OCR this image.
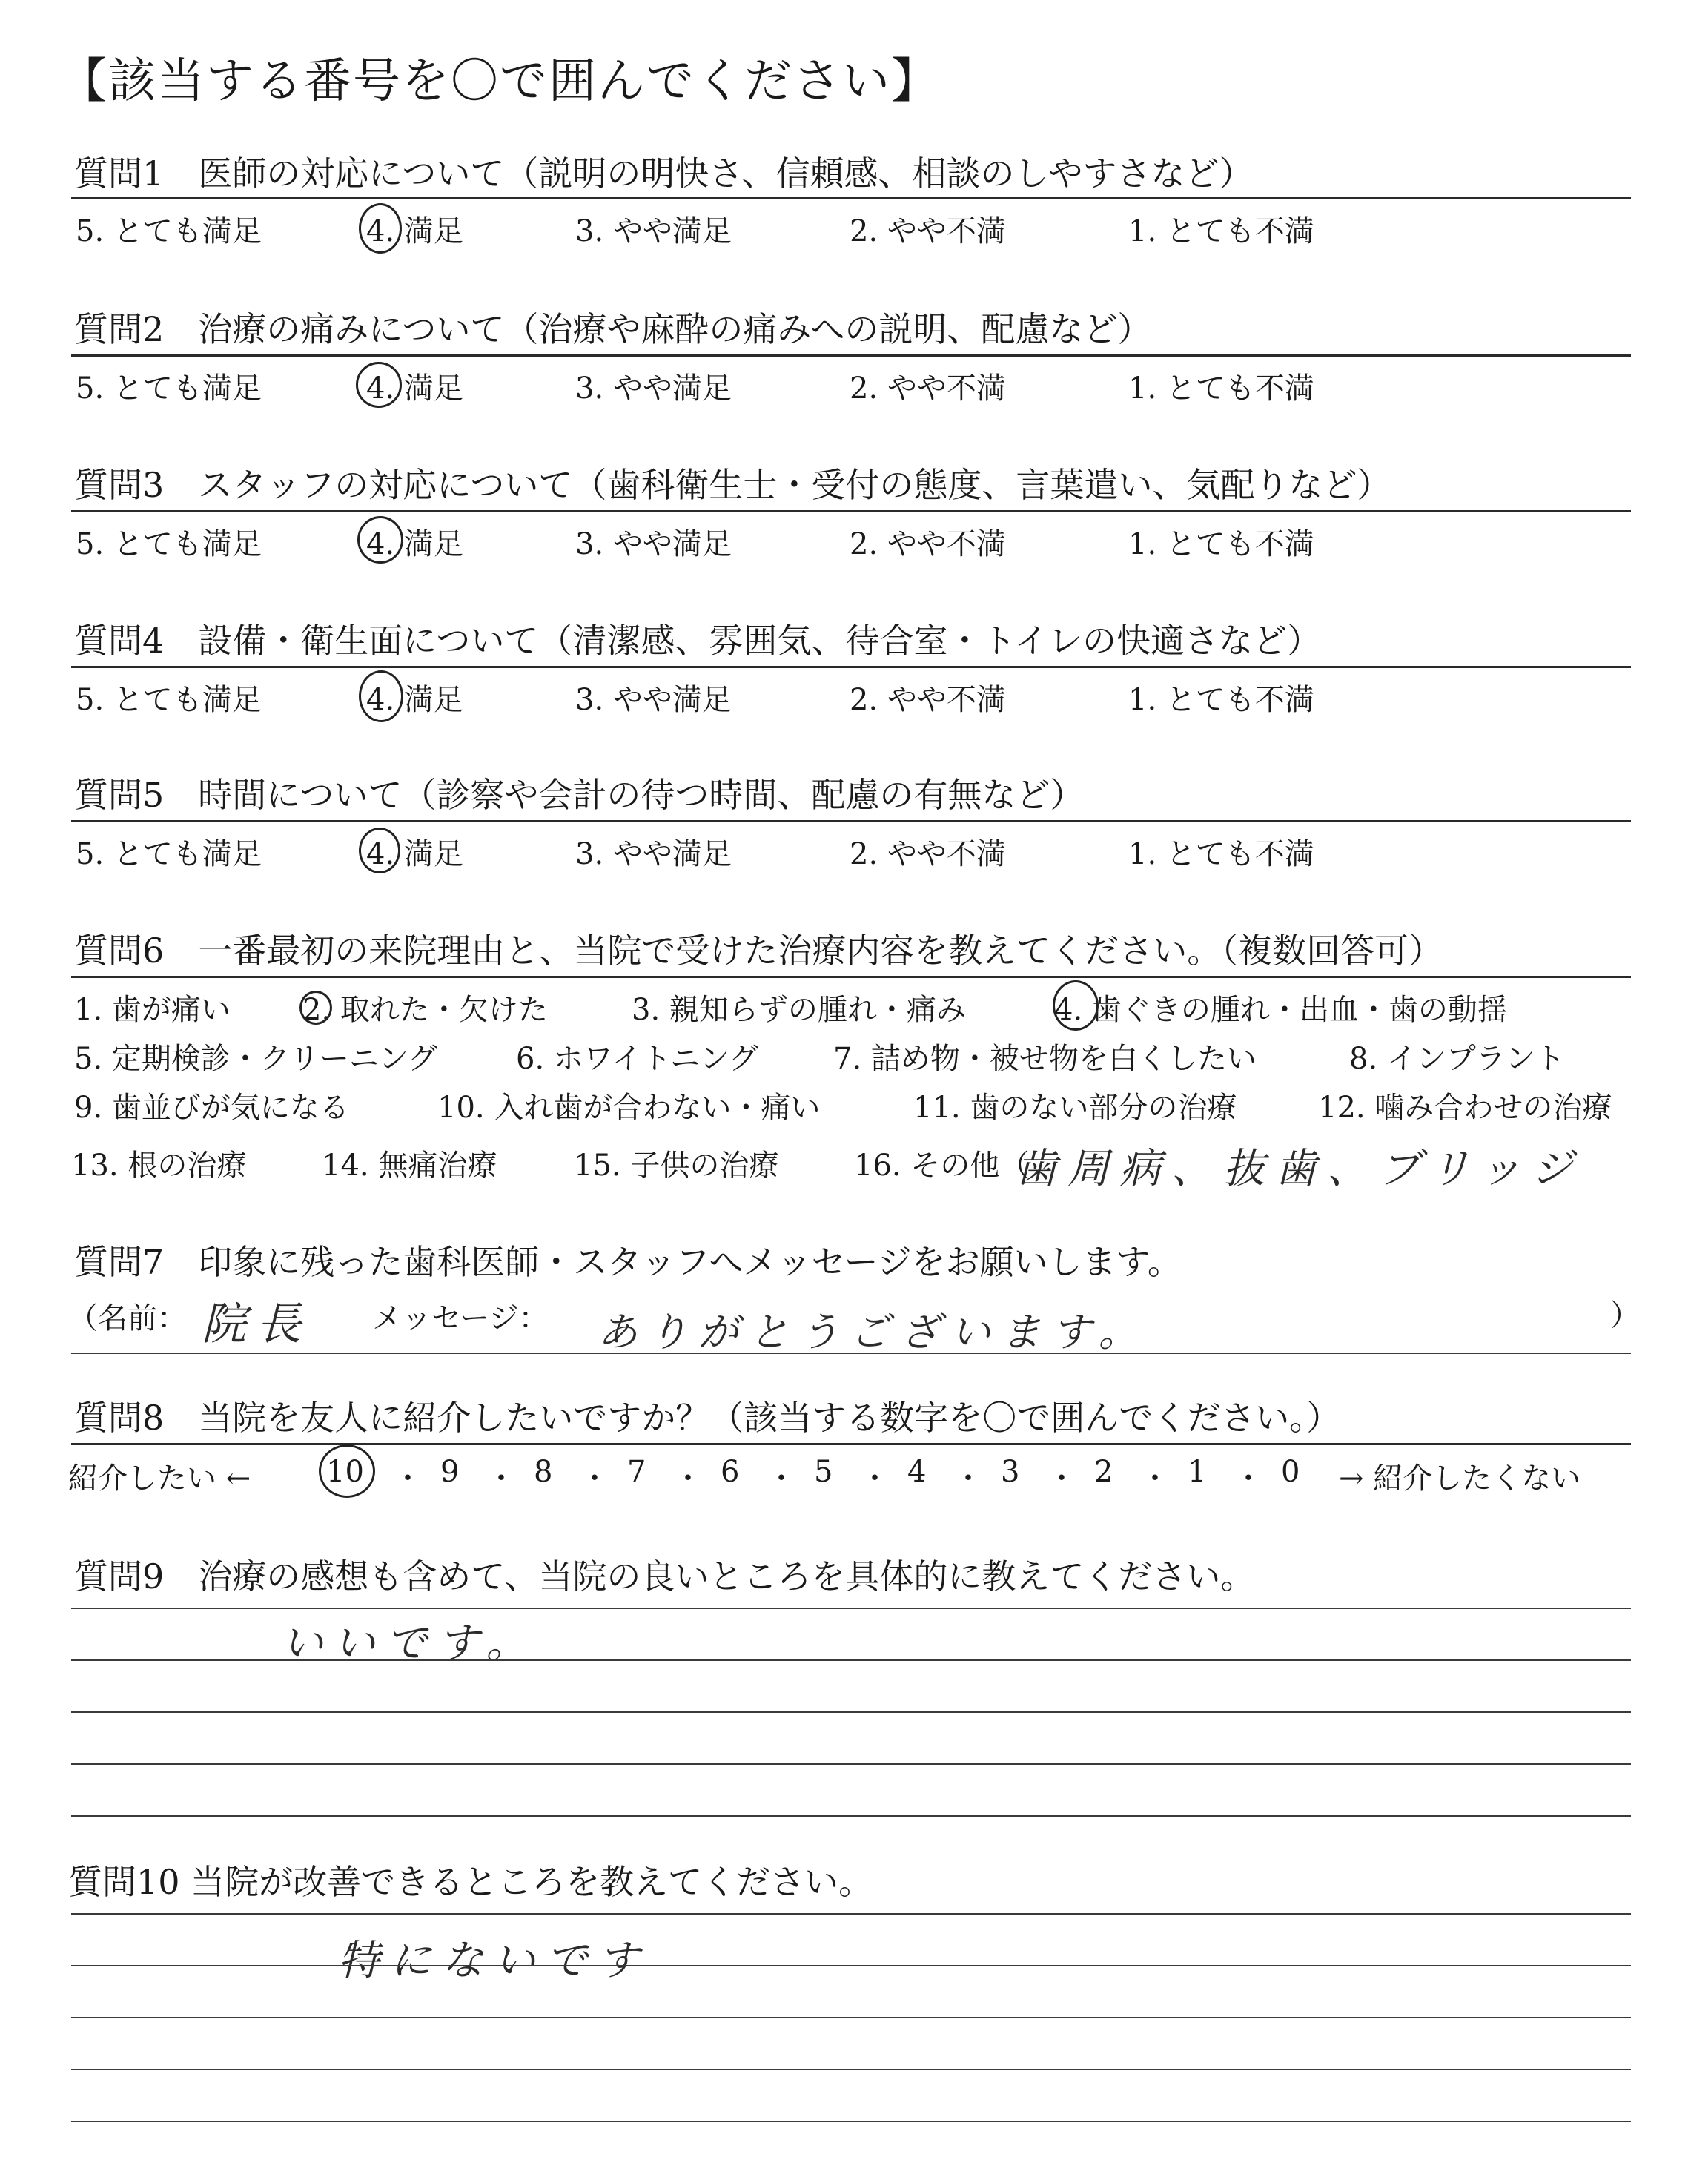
【該当する番号を〇で囲んでください】
質問1　医師の対応について（説明の明快さ、信頼感、相談のしやすさなど）
5. とても満足	4. 満足	3. やや満足	2. やや不満	1. とても不満
質問2　治療の痛みについて（治療や麻酔の痛みへの説明、配慮など）
5. とても満足	4. 満足	3. やや満足	2. やや不満	1. とても不満
質問3　スタッフの対応について（歯科衛生士・受付の態度、言葉遣い、気配りなど）
5. とても満足	4. 満足	3. やや満足	2. やや不満	1. とても不満
質問4　設備・衛生面について（清潔感、雰囲気、待合室・トイレの快適さなど）
5. とても満足	4. 満足	3. やや満足	2. やや不満	1. とても不満
質問5　時間について（診察や会計の待つ時間、配慮の有無など）
5. とても満足	4. 満足	3. やや満足	2. やや不満	1. とても不満
質問6　一番最初の来院理由と、当院で受けた治療内容を教えてください。（複数回答可）
1. 歯が痛い 2. 取れた・欠けた	3. 親知らずの腫れ・痛み	4. 歯ぐきの腫れ・出血・歯の動揺
5. 定期検診・クリーニング	6. ホワイトニング	7. 詰め物・被せ物を白くしたい	8. インプラント
9. 歯並びが気になる	10. 入れ歯が合わない・痛い	11. 歯のない部分の治療	12. 噛み合わせの治療
13. 根の治療	14. 無痛治療	15. 子供の治療	16. その他（
歯周病、抜歯、ブリッジ
質問7　印象に残った歯科医師・スタッフへメッセージをお願いします。
（名前： 院長 メッセージ： ありがとうございます。	）
質問8　当院を友人に紹介したいですか？（該当する数字を〇で囲んでください。）
紹介したい ←	10 ・ 9 ・ 8 ・ 7 ・ 6 ・ 5 ・ 4 ・ 3 ・ 2 ・ 1 ・ 0 → 紹介したくない
質問9　治療の感想も含めて、当院の良いところを具体的に教えてください。
いいです。
質問10 当院が改善できるところを教えてください。
特にないです
